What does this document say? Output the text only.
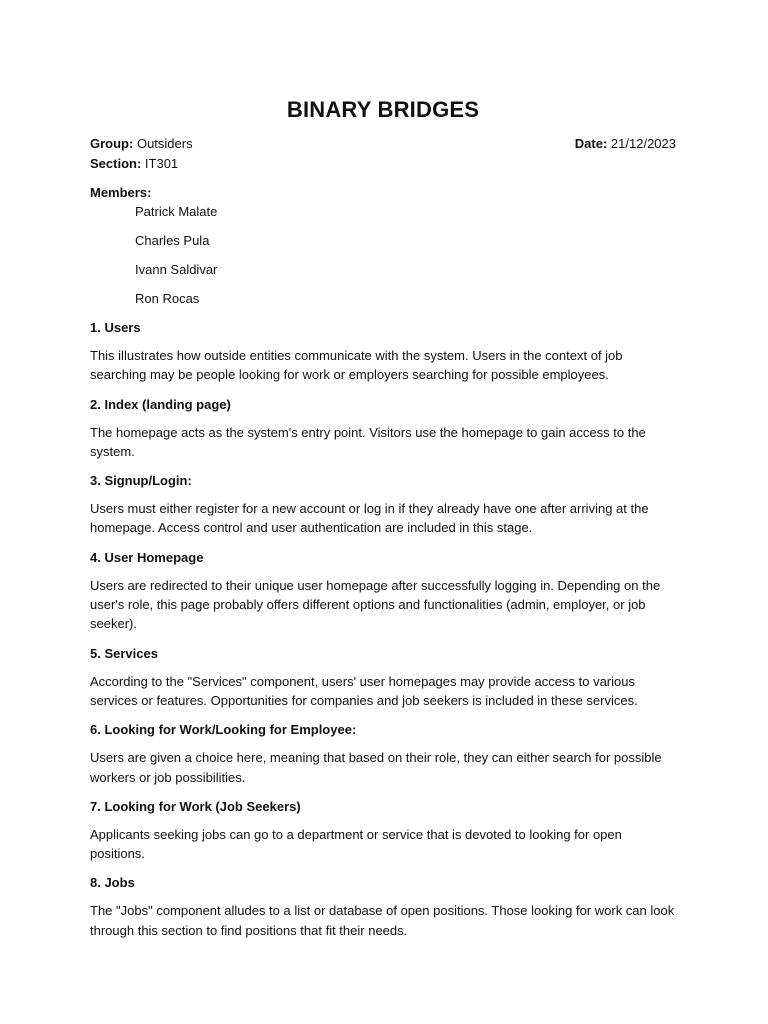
BINARY BRIDGES
Group: Outsiders	Date: 21/12/2023
Section: IT301
Members:
Patrick Malate
Charles Pula
Ivann Saldivar
Ron Rocas
1. Users

This illustrates how outside entities communicate with the system. Users in the context of job searching may be people looking for work or employers searching for possible employees.

2. Index (landing page)

The homepage acts as the system's entry point. Visitors use the homepage to gain access to the system.

3. Signup/Login:

Users must either register for a new account or log in if they already have one after arriving at the homepage. Access control and user authentication are included in this stage.

4. User Homepage

Users are redirected to their unique user homepage after successfully logging in. Depending on the user's role, this page probably offers different options and functionalities (admin, employer, or job seeker).

5. Services

According to the "Services" component, users' user homepages may provide access to various services or features. Opportunities for companies and job seekers is included in these services.

6. Looking for Work/Looking for Employee:

Users are given a choice here, meaning that based on their role, they can either search for possible workers or job possibilities.

7. Looking for Work (Job Seekers)

Applicants seeking jobs can go to a department or service that is devoted to looking for open positions.

8. Jobs

The "Jobs" component alludes to a list or database of open positions. Those looking for work can look through this section to find positions that fit their needs.
